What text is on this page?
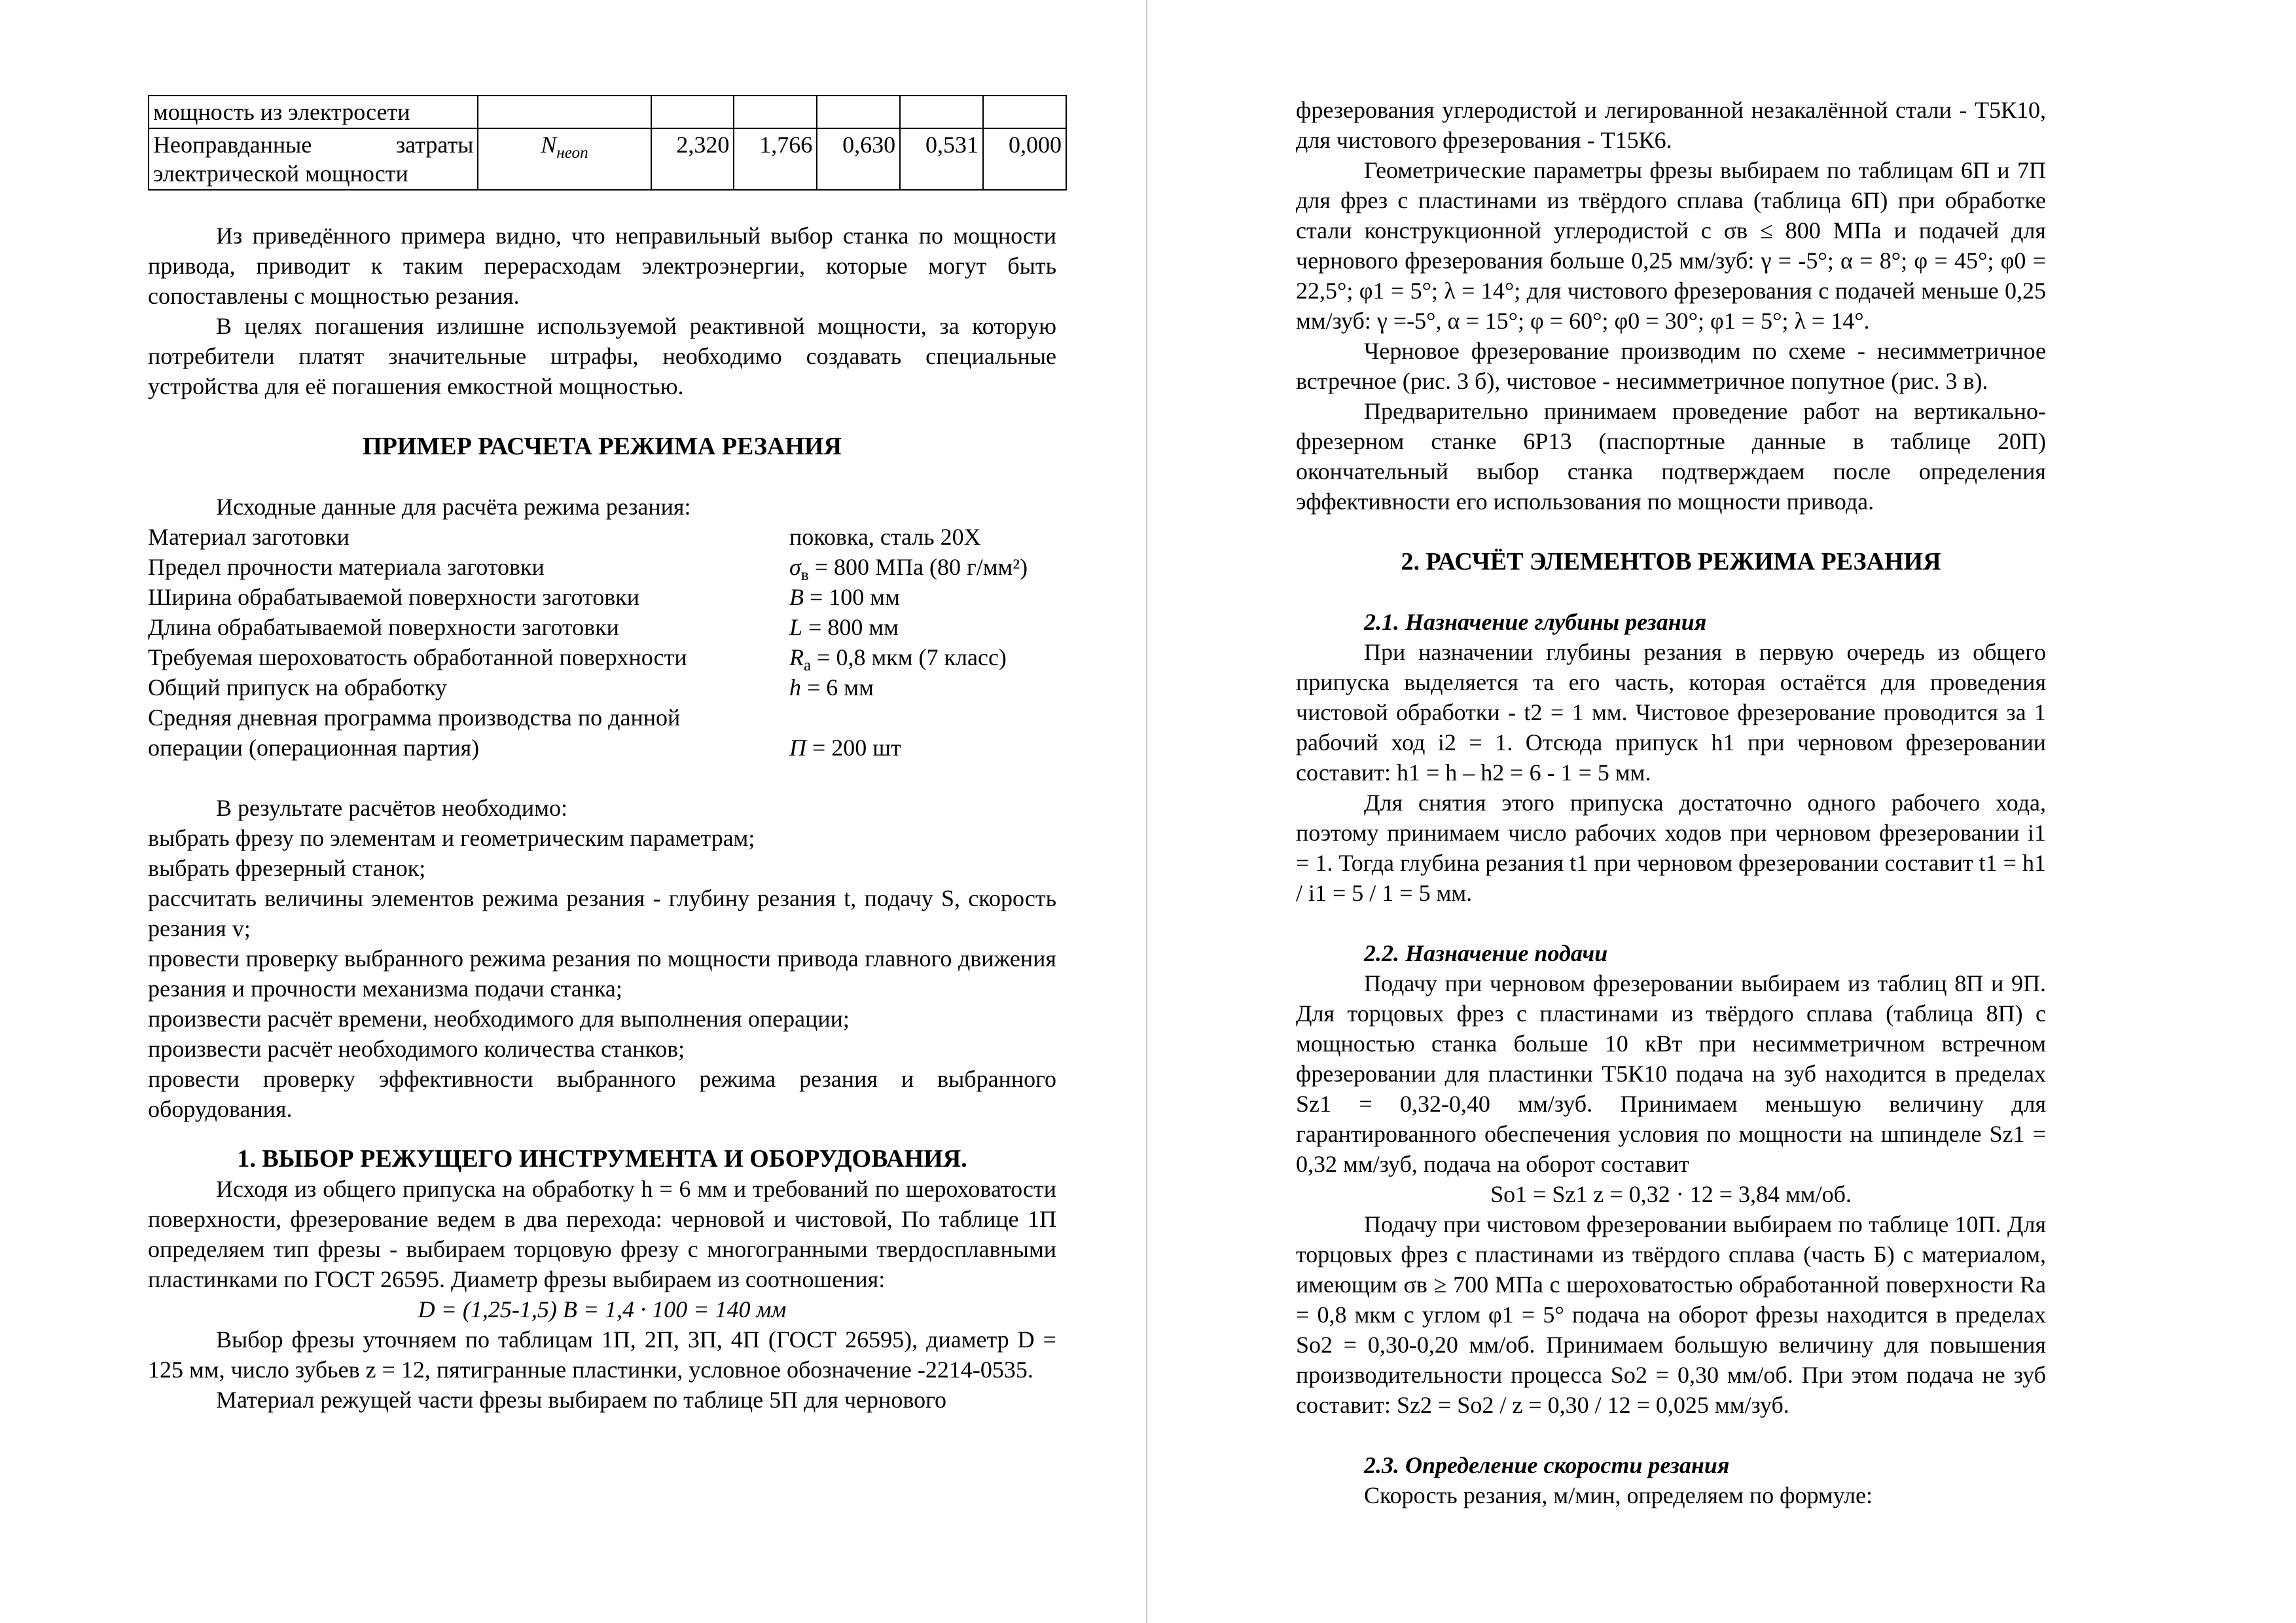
мощность из электросети						
Неоправданные затраты электрической мощности	$N_{неоп}$	2,320	1,766	0,630	0,531	0,000

Из приведённого примера видно, что неправильный выбор станка по мощности привода, приводит к таким перерасходам электроэнергии, которые могут быть сопоставлены с мощностью резания.

В целях погашения излишне используемой реактивной мощности, за которую потребители платят значительные штрафы, необходимо создавать специальные устройства для её погашения емкостной мощностью.

ПРИМЕР РАСЧЕТА РЕЖИМА РЕЗАНИЯ

Исходные данные для расчёта режима резания:

Материал заготовки	поковка, сталь 20Х
Предел прочности материала заготовки	$\sigma_в = 800$ МПа (80 г/мм²)
Ширина обрабатываемой поверхности заготовки	B = 100 мм
Длина обрабатываемой поверхности заготовки	L = 800 мм
Требуемая шероховатость обработанной поверхности	$R_a = 0,8$ мкм (7 класс)
Общий припуск на обработку	h = 6 мм
Средняя дневная программа производства по данной
операции (операционная партия)	П = 200 шт

В результате расчётов необходимо:

выбрать фрезу по элементам и геометрическим параметрам;

выбрать фрезерный станок;

рассчитать величины элементов режима резания - глубину резания t, подачу S, скорость резания v;

провести проверку выбранного режима резания по мощности привода главного движения резания и прочности механизма подачи станка;

произвести расчёт времени, необходимого для выполнения операции;

произвести расчёт необходимого количества станков;

провести проверку эффективности выбранного режима резания и выбранного оборудования.

1. ВЫБОР РЕЖУЩЕГО ИНСТРУМЕНТА И ОБОРУДОВАНИЯ.

Исходя из общего припуска на обработку h = 6 мм и требований по шероховатости поверхности, фрезерование ведем в два перехода: черновой и чистовой, По таблице 1П определяем тип фрезы - выбираем торцовую фрезу с многогранными твердосплавными пластинками по ГОСТ 26595. Диаметр фрезы выбираем из соотношения:

D = (1,25-1,5) B = 1,4 · 100 = 140 мм

Выбор фрезы уточняем по таблицам 1П, 2П, 3П, 4П (ГОСТ 26595), диаметр D = 125 мм, число зубьев z = 12, пятигранные пластинки, условное обозначение -2214-0535.

Материал режущей части фрезы выбираем по таблице 5П для чернового

фрезерования углеродистой и легированной незакалённой стали - Т5К10, для чистового фрезерования - Т15К6.

Геометрические параметры фрезы выбираем по таблицам 6П и 7П для фрез с пластинами из твёрдого сплава (таблица 6П) при обработке стали конструкционной углеродистой с σв ≤ 800 МПа и подачей для чернового фрезерования больше 0,25 мм/зуб: γ = -5°; α = 8°; φ = 45°; φ0 = 22,5°; φ1 = 5°; λ = 14°; для чистового фрезерования с подачей меньше 0,25 мм/зуб: γ =-5°, α = 15°; φ = 60°; φ0 = 30°; φ1 = 5°; λ = 14°.

Черновое фрезерование производим по схеме - несимметричное встречное (рис. 3 б), чистовое - несимметричное попутное (рис. 3 в).

Предварительно принимаем проведение работ на вертикально-фрезерном станке 6Р13 (паспортные данные в таблице 20П) окончательный выбор станка подтверждаем после определения эффективности его использования по мощности привода.

2. РАСЧЁТ ЭЛЕМЕНТОВ РЕЖИМА РЕЗАНИЯ

2.1. Назначение глубины резания

При назначении глубины резания в первую очередь из общего припуска выделяется та его часть, которая остаётся для проведения чистовой обработки - t2 = 1 мм. Чистовое фрезерование проводится за 1 рабочий ход i2 = 1. Отсюда припуск h1 при черновом фрезеровании составит: h1 = h – h2 = 6 - 1 = 5 мм.

Для снятия этого припуска достаточно одного рабочего хода, поэтому принимаем число рабочих ходов при черновом фрезеровании i1 = 1. Тогда глубина резания t1 при черновом фрезеровании составит t1 = h1 / i1 = 5 / 1 = 5 мм.

2.2. Назначение подачи

Подачу при черновом фрезеровании выбираем из таблиц 8П и 9П. Для торцовых фрез с пластинами из твёрдого сплава (таблица 8П) с мощностью станка больше 10 кВт при несимметричном встречном фрезеровании для пластинки Т5К10 подача на зуб находится в пределах Sz1 = 0,32-0,40 мм/зуб. Принимаем меньшую величину для гарантированного обеспечения условия по мощности на шпинделе Sz1 = 0,32 мм/зуб, подача на оборот составит

So1 = Sz1 z = 0,32 · 12 = 3,84 мм/об.

Подачу при чистовом фрезеровании выбираем по таблице 10П. Для торцовых фрез с пластинами из твёрдого сплава (часть Б) с материалом, имеющим σв ≥ 700 МПа с шероховатостью обработанной поверхности Ra = 0,8 мкм с углом φ1 = 5° подача на оборот фрезы находится в пределах So2 = 0,30-0,20 мм/об. Принимаем большую величину для повышения производительности процесса So2 = 0,30 мм/об. При этом подача не зуб составит: Sz2 = So2 / z = 0,30 / 12 = 0,025 мм/зуб.

2.3. Определение скорости резания

Скорость резания, м/мин, определяем по формуле:
